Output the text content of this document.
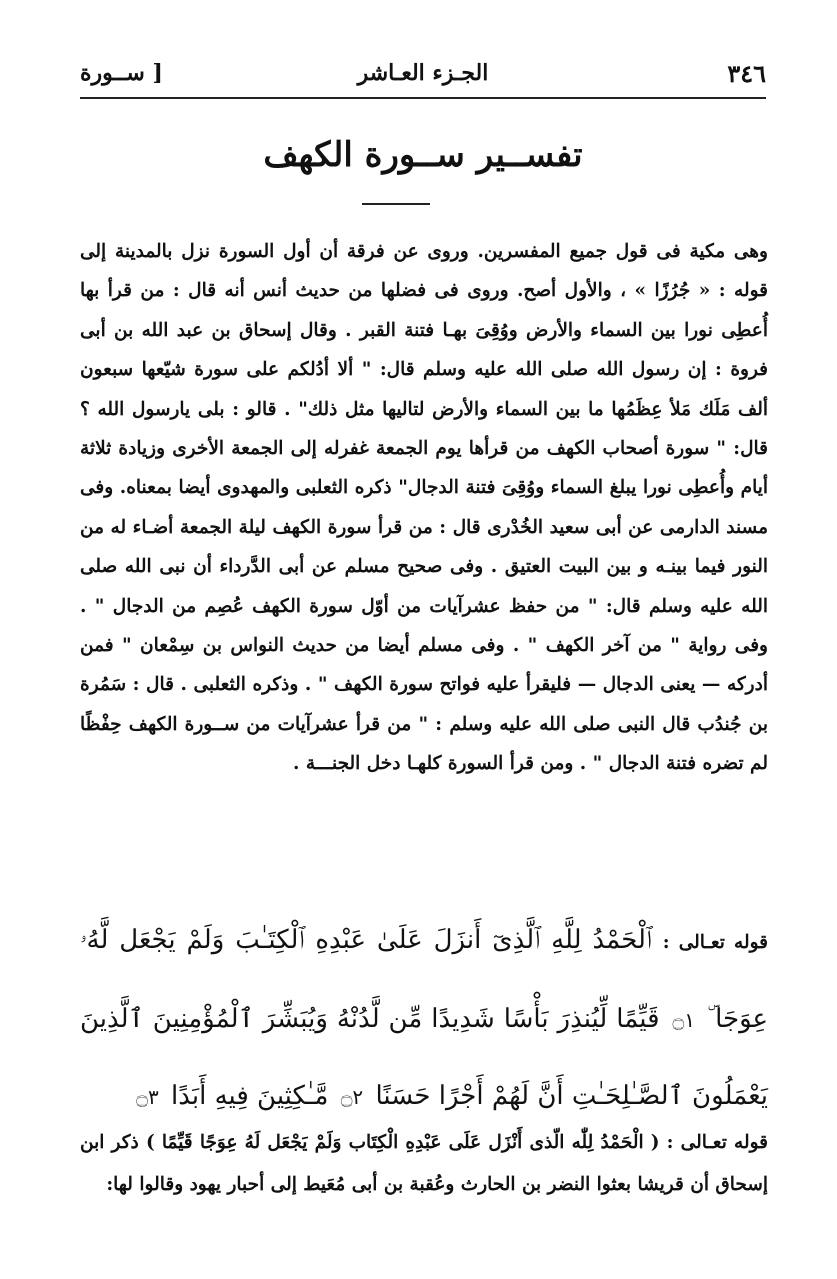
٣٤٦
الجـزء العـاشر
[ ســورة
تفســير ســورة الكهف

وهى مكية فى قول جميع المفسرين. وروى عن فرقة أن أول السورة نزل بالمدينة إلى قوله : « جُرُزًا » ، والأول أصح. وروى فى فضلها من حديث أنس أنه قال : من قرأ بها أُعطِى نورا بين السماء والأرض ووُقِىَ بهـا فتنة القبر . وقال إسحاق بن عبد الله بن أبى فروة : إن رسول الله صلى الله عليه وسلم قال: " ألا أدُلكم على سورة شيّعها سبعون ألف مَلَك مَلأ عِظَمُها ما بين السماء والأرض لتاليها مثل ذلك" . قالو : بلى يارسول الله ؟ قال: " سورة أصحاب الكهف من قرأها يوم الجمعة غفرله إلى الجمعة الأخرى وزيادة ثلاثة أيام وأُعطِى نورا يبلغ السماء ووُقِىَ فتنة الدجال" ذكره الثعلبى والمهدوى أيضا بمعناه. وفى مسند الدارمى عن أبى سعيد الخُدْرى قال : من قرأ سورة الكهف ليلة الجمعة أضـاء له من النور فيما بينـه و بين البيت العتيق . وفى صحيح مسلم عن أبى الدَّرداء أن نبى الله صلى الله عليه وسلم قال: " من حفظ عشرآيات من أوّل سورة الكهف عُصِم من الدجال " . وفى رواية " من آخر الكهف " . وفى مسلم أيضا من حديث النواس بن سِمْعان " فمن أدركه — يعنى الدجال — فليقرأ عليه فواتح سورة الكهف " . وذكره الثعلبى . قال : سَمُرة بن جُندُب قال النبى صلى الله عليه وسلم : " من قرأ عشرآيات من ســورة الكهف حِفْظًا لم تضره فتنة الدجال " . ومن قرأ السورة كلهـا دخل الجنـــة .

قوله تعـالى : ٱلْحَمْدُ لِلَّهِ ٱلَّذِىٓ أَنزَلَ عَلَىٰ عَبْدِهِ ٱلْكِتَـٰبَ وَلَمْ يَجْعَل لَّهُۥ عِوَجَا ۜ ۝١ قَيِّمًا لِّيُنذِرَ بَأْسًا شَدِيدًا مِّن لَّدُنْهُ وَيُبَشِّرَ ٱلْمُؤْمِنِينَ ٱلَّذِينَ يَعْمَلُونَ ٱلصَّـٰلِحَـٰتِ أَنَّ لَهُمْ أَجْرًا حَسَنًا ۝٢ مَّـٰكِثِينَ فِيهِ أَبَدًا ۝٣

قوله تعـالى : ( الْحَمْدُ لِلّٰه الّذى أَنْزَل عَلَى عَبْدِهِ الْكِتَاب وَلَمْ يَجْعَل لَهُ عِوَجًا قَيِّمًا ) ذكر ابن إسحاق أن قريشا بعثوا النضر بن الحارث وعُقبة بن أبى مُعَيط إلى أحبار يهود وقالوا لها:
